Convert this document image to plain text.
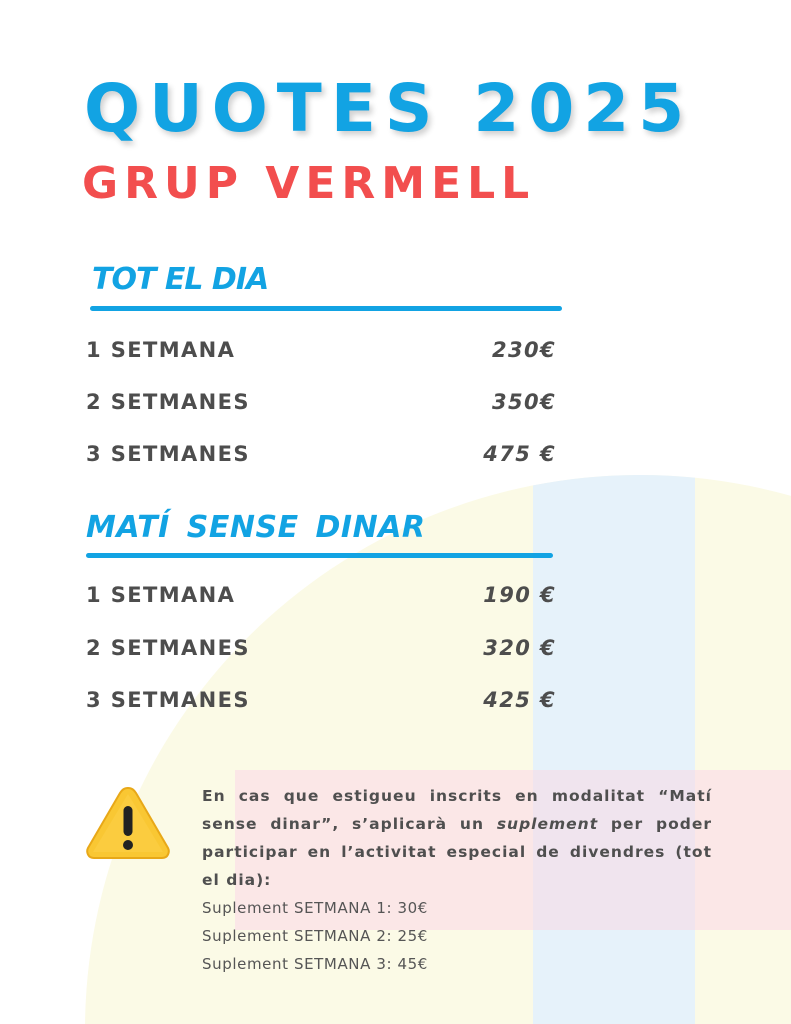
QUOTES 2025
GRUP VERMELL
TOT EL DIA
1 SETMANA	230€
2 SETMANES	350€
3 SETMANES	475 €
MATÍ SENSE DINAR
1 SETMANA	190 €
2 SETMANES	320 €
3 SETMANES	425 €

En cas que estigueu inscrits en modalitat “Matí sense dinar”, s’aplicarà un suplement per poder participar en l’activitat especial de divendres (tot el dia):

Suplement SETMANA 1: 30€
Suplement SETMANA 2: 25€
Suplement SETMANA 3: 45€
